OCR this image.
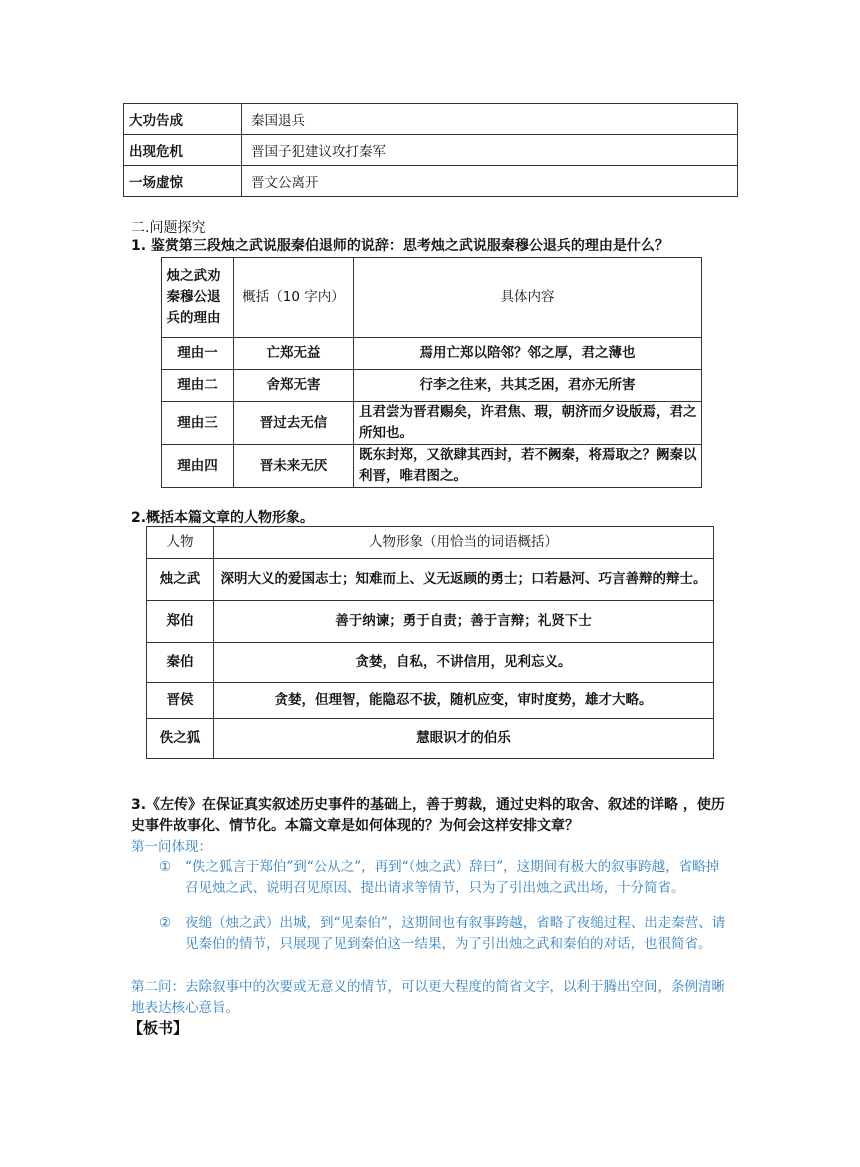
大功告成	秦国退兵
出现危机	晋国子犯建议攻打秦军
一场虚惊	晋文公离开
二.问题探究
1. 鉴赏第三段烛之武说服秦伯退师的说辞：思考烛之武说服秦穆公退兵的理由是什么？
烛之武劝秦穆公退兵的理由	概括（10 字内）	具体内容
理由一	亡郑无益	焉用亡郑以陪邻？邻之厚，君之薄也
理由二	舍郑无害	行李之往来，共其乏困，君亦无所害
理由三	晋过去无信	且君尝为晋君赐矣，许君焦、瑕，朝济而夕设版焉，君之所知也。
理由四	晋未来无厌	既东封郑，又欲肆其西封，若不阙秦，将焉取之？阙秦以利晋，唯君图之。
2.概括本篇文章的人物形象。
人物	人物形象（用恰当的词语概括）
烛之武	深明大义的爱国志士；知难而上、义无返顾的勇士；口若悬河、巧言善辩的辩士。
郑伯	善于纳谏；勇于自责；善于言辩；礼贤下士
秦伯	贪婪，自私，不讲信用，见利忘义。
晋侯	贪婪，但理智，能隐忍不拔，随机应变，审时度势，雄才大略。
佚之狐	慧眼识才的伯乐
3.《左传》在保证真实叙述历史事件的基础上，善于剪裁，通过史料的取舍、叙述的详略 ，使历史事件故事化、情节化。本篇文章是如何体现的？为何会这样安排文章？
第一问体现：
① “佚之狐言于郑伯”到“公从之”，再到“（烛之武）辞曰”，这期间有极大的叙事跨越，省略掉召见烛之武、说明召见原因、提出请求等情节，只为了引出烛之武出场，十分简省。
② 夜缒（烛之武）出城，到“见秦伯”，这期间也有叙事跨越，省略了夜缒过程、出走秦营、请见秦伯的情节，只展现了见到秦伯这一结果，为了引出烛之武和秦伯的对话，也很简省。
第二问：去除叙事中的次要或无意义的情节，可以更大程度的简省文字，以利于腾出空间，条例清晰地表达核心意旨。
【板书】
